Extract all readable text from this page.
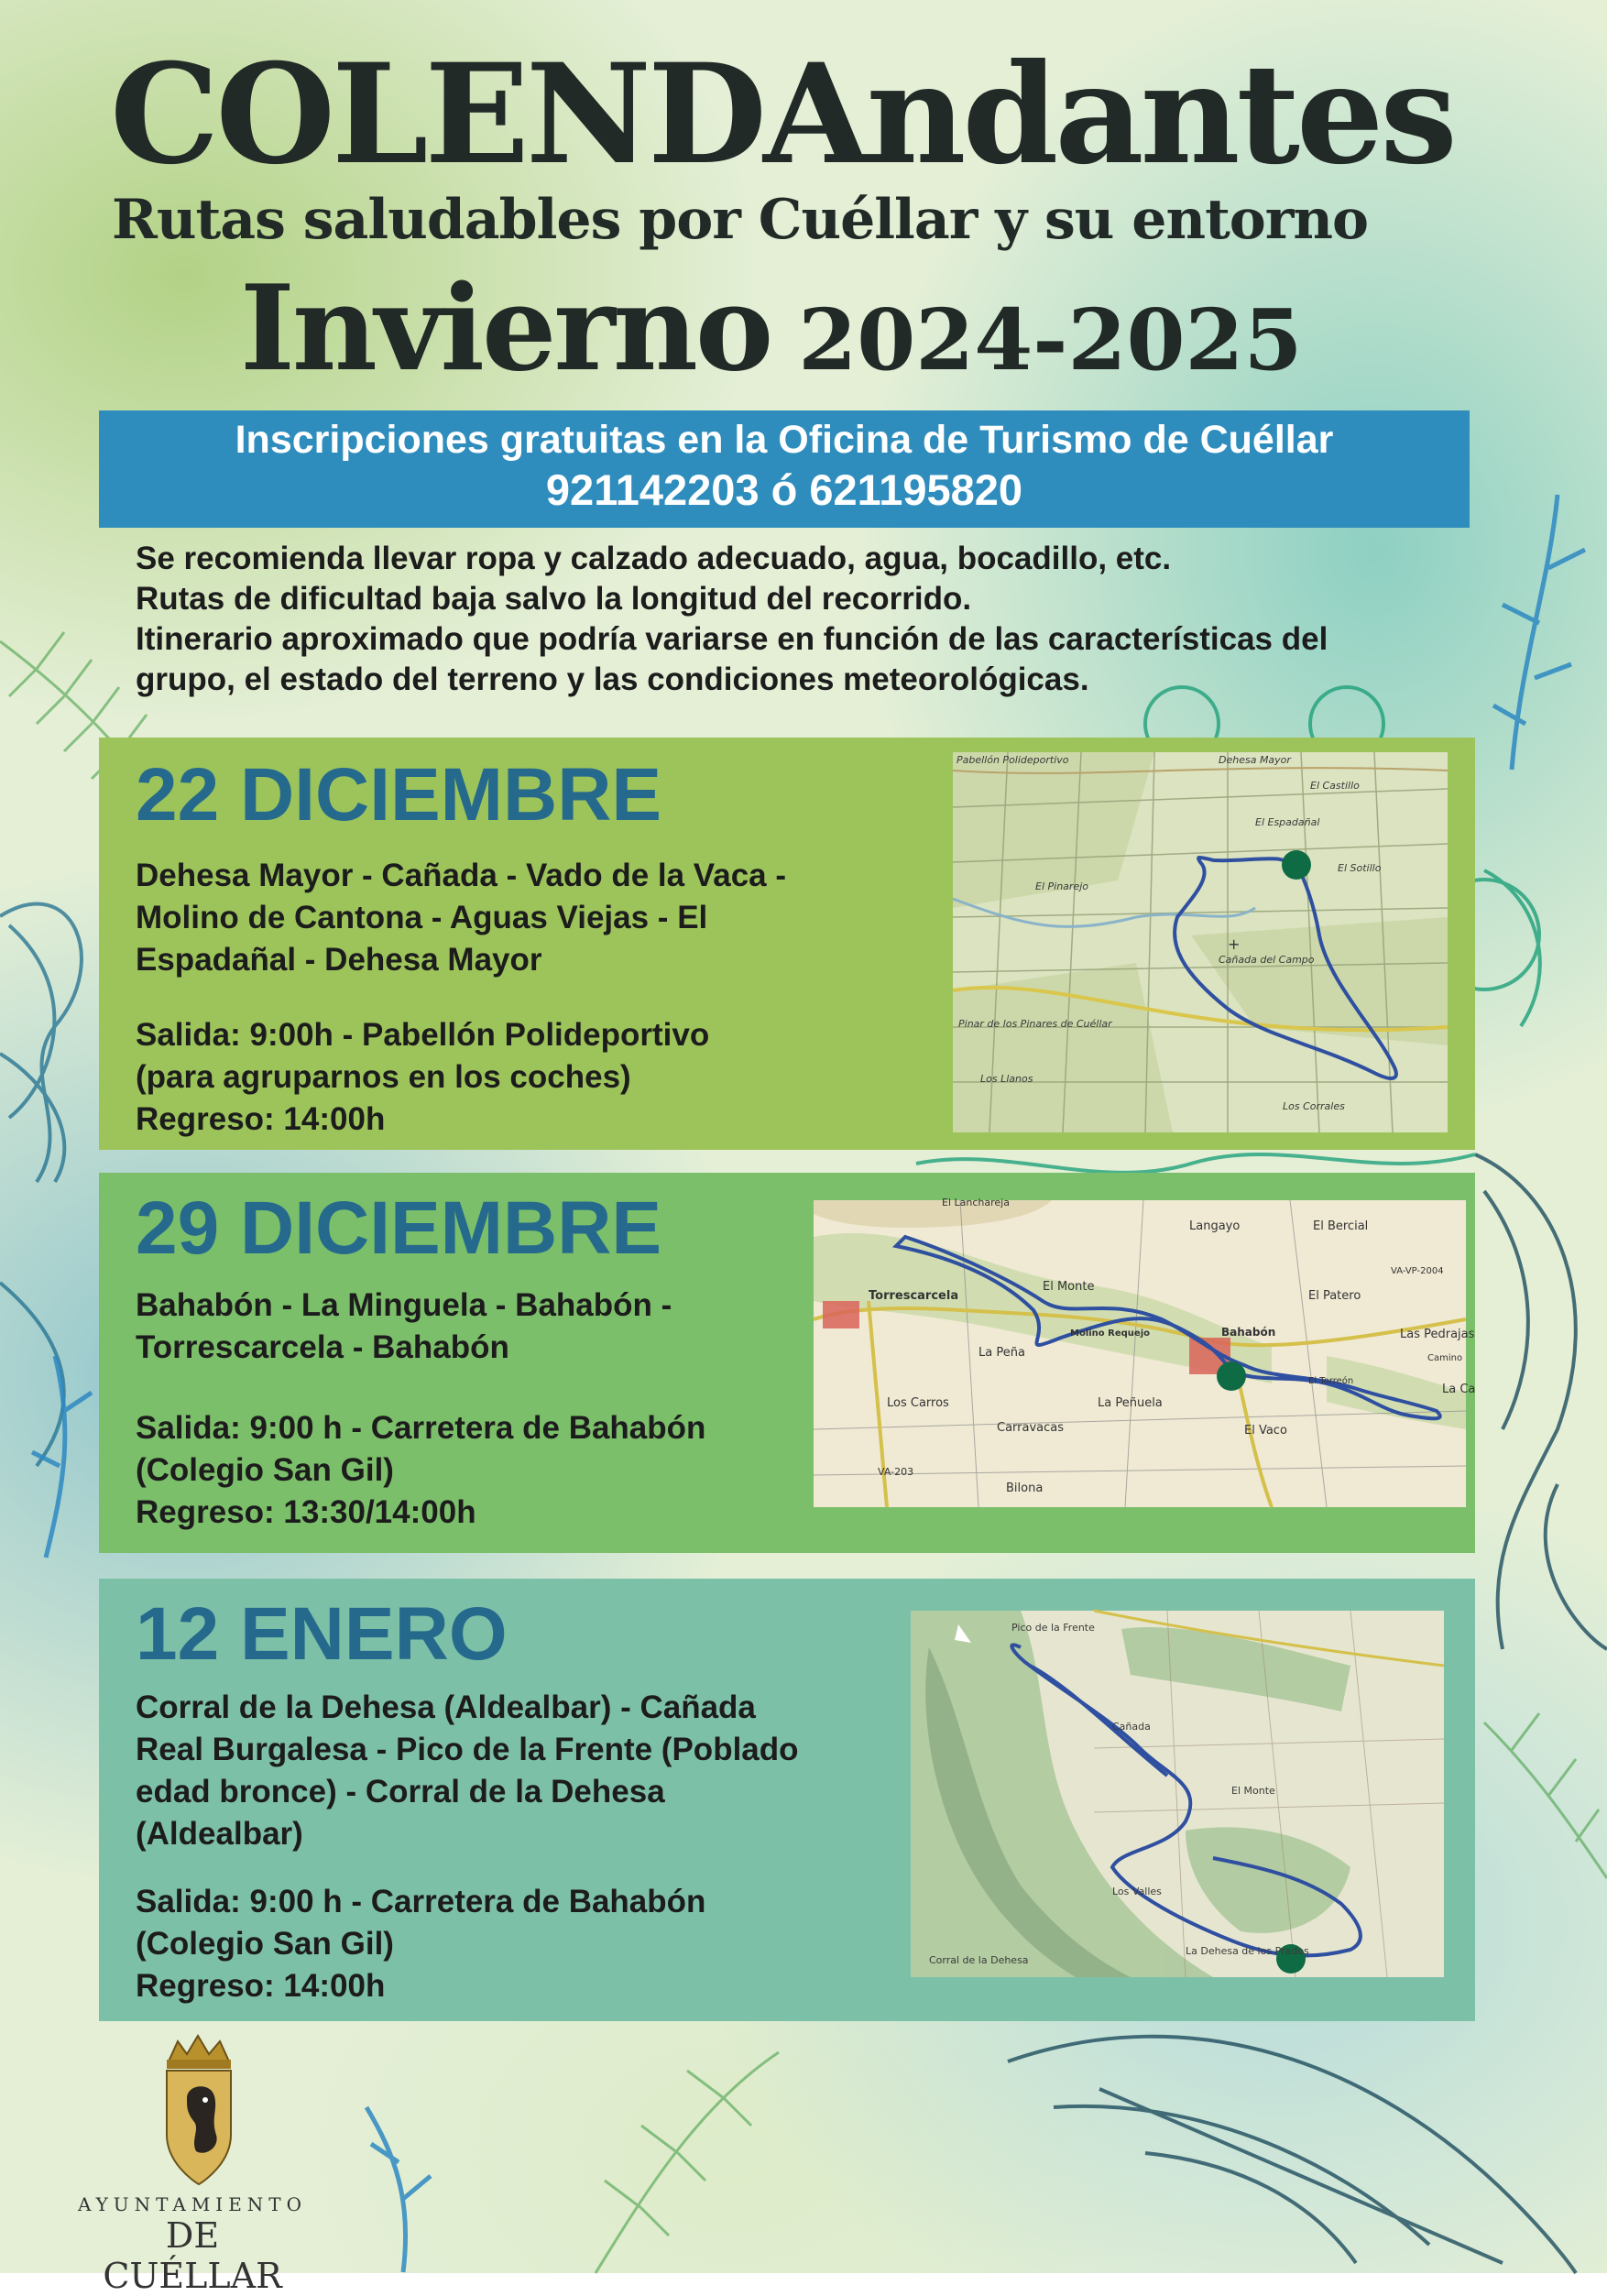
COLENDAndantes
Rutas saludables por Cuéllar y su entorno
Invierno 2024-2025
Inscripciones gratuitas en la Oficina de Turismo de Cuéllar
921142203 ó 621195820
Se recomienda llevar ropa y calzado adecuado, agua, bocadillo, etc.
Rutas de dificultad baja salvo la longitud del recorrido.
Itinerario aproximado que podría variarse en función de las características del
grupo, el estado del terreno y las condiciones meteorológicas.
22 DICIEMBRE
Dehesa Mayor - Cañada - Vado de la Vaca -
Molino de Cantona - Aguas Viejas - El
Espadañal - Dehesa Mayor
Salida: 9:00h - Pabellón Polideportivo
(para agruparnos en los coches)
Regreso: 14:00h
Dehesa Mayor
Pabellón Polideportivo
El Espadañal
Cañada del Campo
Pinar de los Pinares de Cuéllar
El Pinarejo
Los Llanos
El Castillo
El Sotillo
Los Corrales
+
29 DICIEMBRE
Bahabón - La Minguela - Bahabón -
Torrescarcela - Bahabón
Salida: 9:00 h - Carretera de Bahabón
(Colegio San Gil)
Regreso: 13:30/14:00h
Torrescarcela
El Monte
Molino Requejo	Bahabón
El Torreón
Langayo	El Bercial
El Patero
Las Pedrajas
La Peña
La Peñuela
Los Carros
Carravacas	El Vaco
Bilona
El Lanchareja
VA-203
VA-VP-2004
Camino
La Ca
12 ENERO
Corral de la Dehesa (Aldealbar) - Cañada
Real Burgalesa - Pico de la Frente (Poblado
edad bronce) - Corral de la Dehesa
(Aldealbar)
Salida: 9:00 h - Carretera de Bahabón
(Colegio San Gil)
Regreso: 14:00h
Pico de la Frente
Corral de la Dehesa
El Monte
Cañada
Los Valles
La Dehesa de los Prados
AYUNTAMIENTO
DE CUÉLLAR
